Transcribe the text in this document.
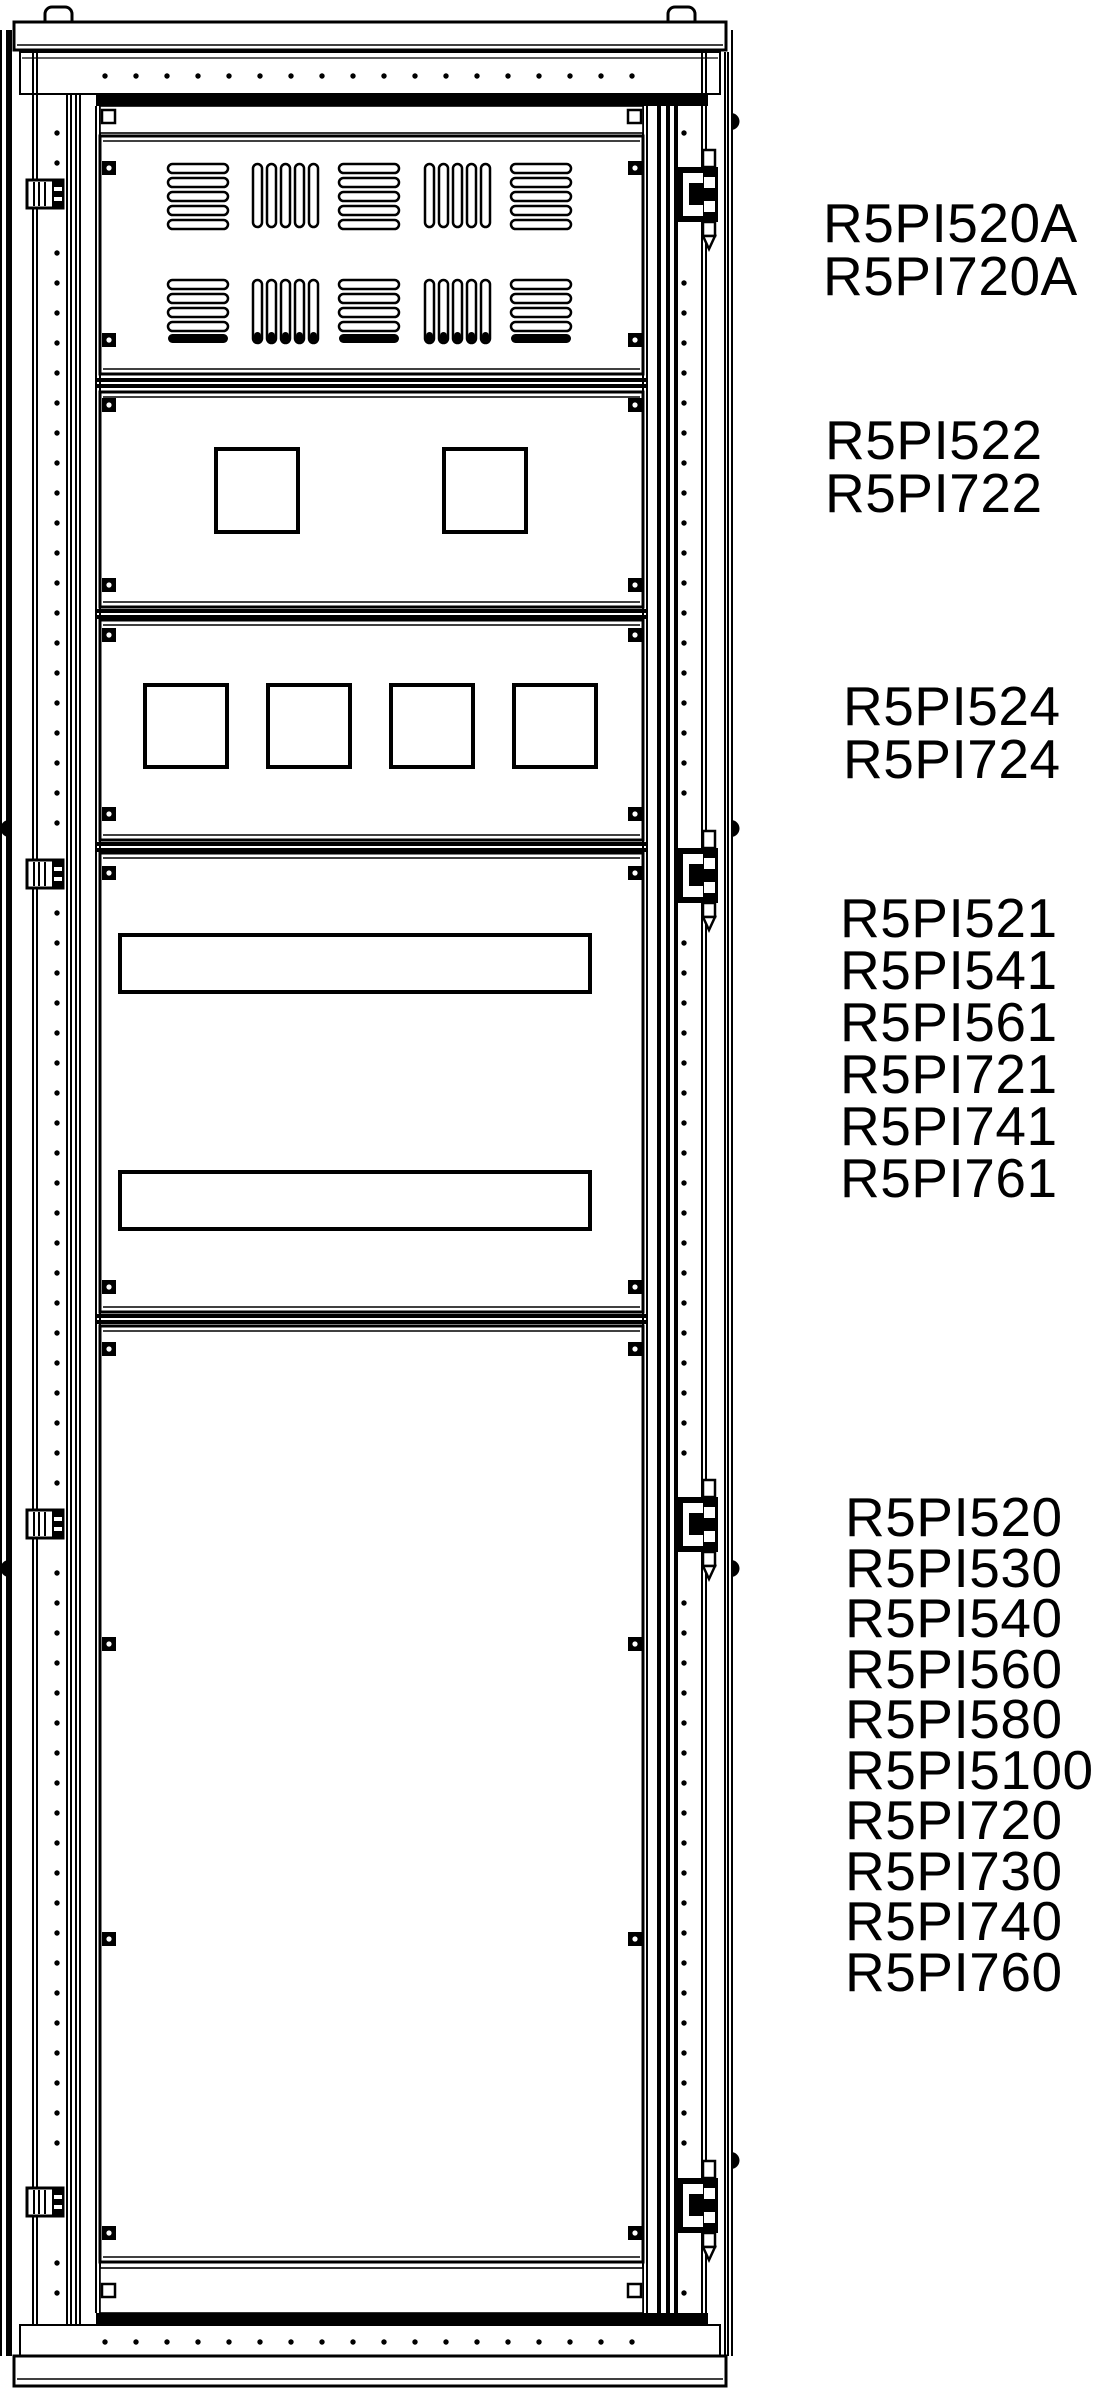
R5PI520A
R5PI720A
R5PI522
R5PI722
R5PI524
R5PI724
R5PI521
R5PI541
R5PI561
R5PI721
R5PI741
R5PI761
R5PI520
R5PI530
R5PI540
R5PI560
R5PI580
R5PI5100
R5PI720
R5PI730
R5PI740
R5PI760
